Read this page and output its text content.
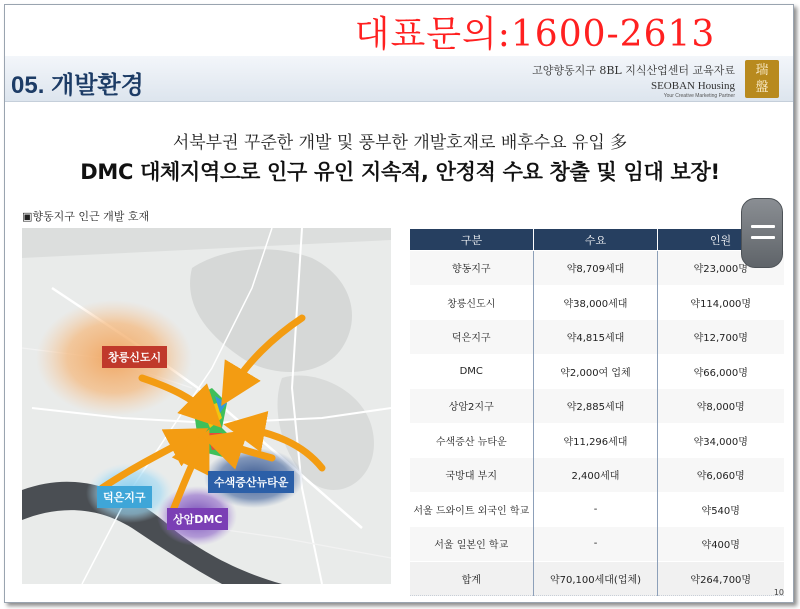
대표문의:1600-2613
05. 개발환경
고양향동지구 8BL 지식산업센터 교육자료
SEOBAN Housing
Your Creative Marketing Partner
瑞
盤
서북부권 꾸준한 개발 및 풍부한 개발호재로 배후수요 유입 多
DMC 대체지역으로 인구 유인 지속적, 안정적 수요 창출 및 임대 보장!
▣향동지구 인근 개발 호재
창릉신도시
수색증산뉴타운
덕은지구
상암DMC
구분	수요	인원
향동지구	약8,709세대	약23,000명
창릉신도시	약38,000세대	약114,000명
덕은지구	약4,815세대	약12,700명
DMC	약2,000여 업체	약66,000명
상암2지구	약2,885세대	약8,000명
수색증산 뉴타운	약11,296세대	약34,000명
국방대 부지	2,400세대	약6,060명
서울 드와이트 외국인 학교	-	약540명
서울 일본인 학교	-	약400명
합계	약70,100세대(업체)	약264,700명
10
